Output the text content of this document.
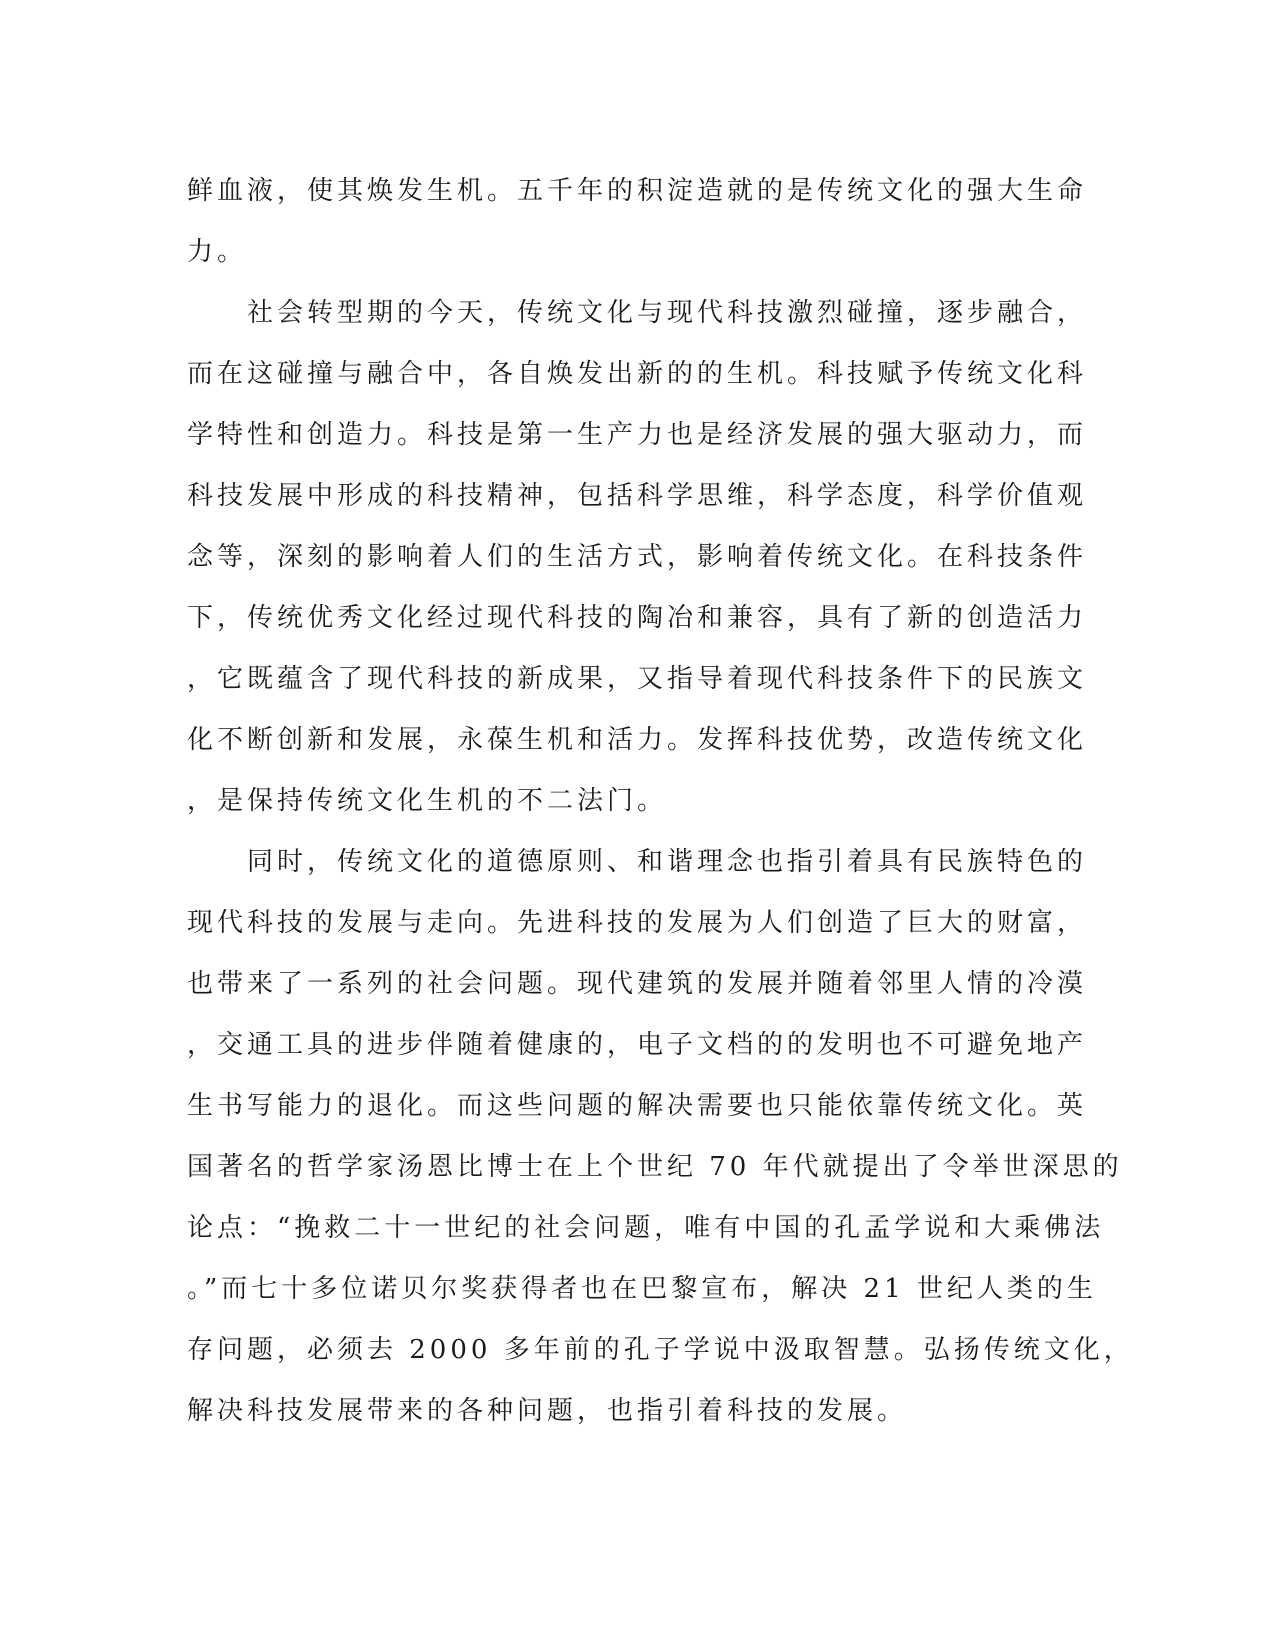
鲜血液，使其焕发生机。五千年的积淀造就的是传统文化的强大生命
力。
社会转型期的今天，传统文化与现代科技激烈碰撞，逐步融合，
而在这碰撞与融合中，各自焕发出新的的生机。科技赋予传统文化科
学特性和创造力。科技是第一生产力也是经济发展的强大驱动力，而
科技发展中形成的科技精神，包括科学思维，科学态度，科学价值观
念等，深刻的影响着人们的生活方式，影响着传统文化。在科技条件
下，传统优秀文化经过现代科技的陶冶和兼容，具有了新的创造活力
，它既蕴含了现代科技的新成果，又指导着现代科技条件下的民族文
化不断创新和发展，永葆生机和活力。发挥科技优势，改造传统文化
，是保持传统文化生机的不二法门。
同时，传统文化的道德原则、和谐理念也指引着具有民族特色的
现代科技的发展与走向。先进科技的发展为人们创造了巨大的财富，
也带来了一系列的社会问题。现代建筑的发展并随着邻里人情的冷漠
，交通工具的进步伴随着健康的，电子文档的的发明也不可避免地产
生书写能力的退化。而这些问题的解决需要也只能依靠传统文化。英
国著名的哲学家汤恩比博士在上个世纪 70 年代就提出了令举世深思的
论点：“挽救二十一世纪的社会问题，唯有中国的孔孟学说和大乘佛法
。”而七十多位诺贝尔奖获得者也在巴黎宣布，解决 21 世纪人类的生
存问题，必须去 2000 多年前的孔子学说中汲取智慧。弘扬传统文化，
解决科技发展带来的各种问题，也指引着科技的发展。
